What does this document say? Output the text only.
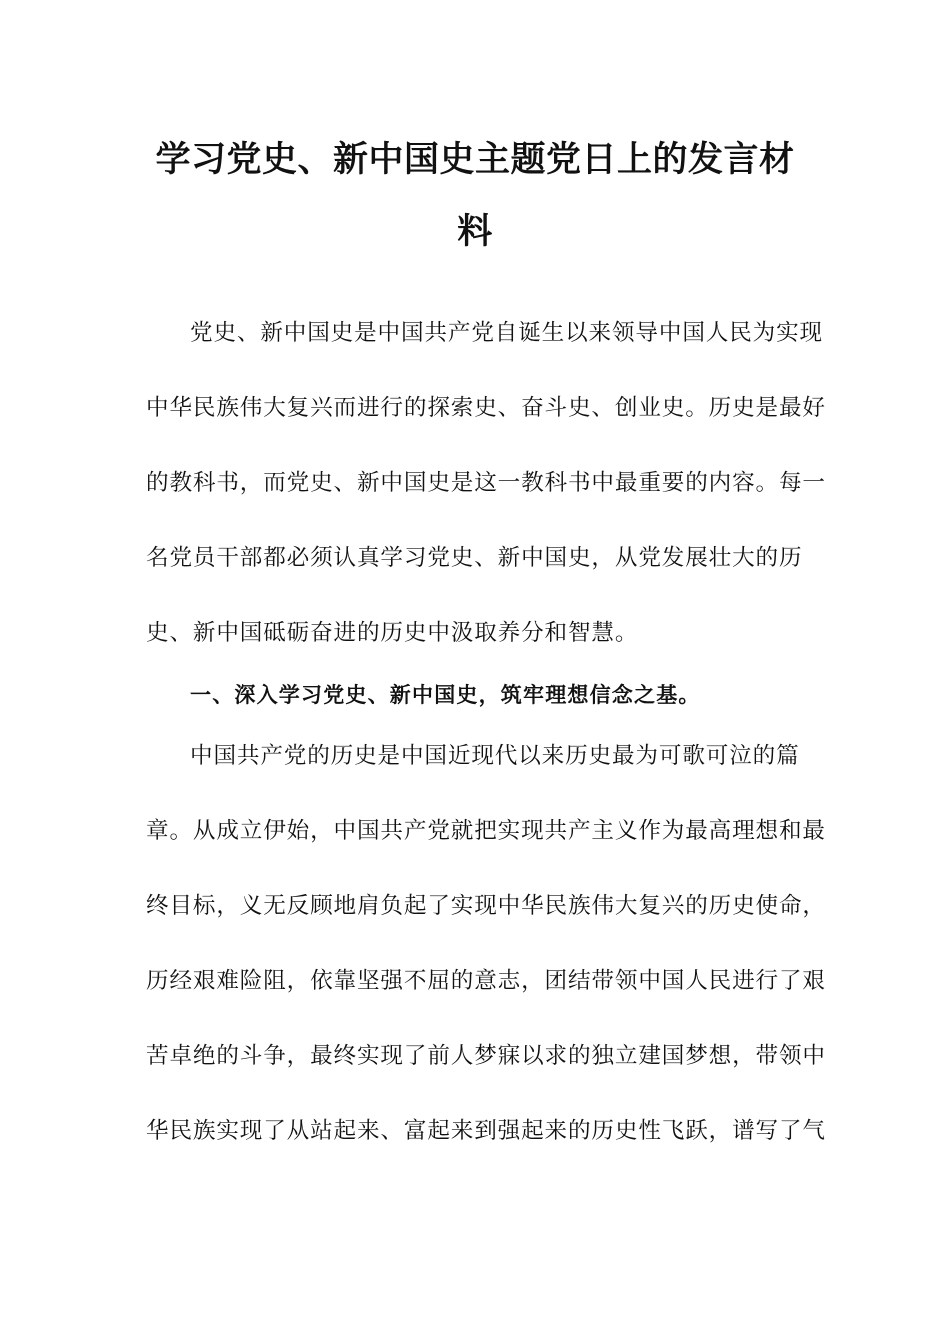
学习党史、新中国史主题党日上的发言材
料
党史、新中国史是中国共产党自诞生以来领导中国人民为实现
中华民族伟大复兴而进行的探索史、奋斗史、创业史。历史是最好
的教科书，而党史、新中国史是这一教科书中最重要的内容。每一
名党员干部都必须认真学习党史、新中国史，从党发展壮大的历
史、新中国砥砺奋进的历史中汲取养分和智慧。
一、深入学习党史、新中国史，筑牢理想信念之基。
中国共产党的历史是中国近现代以来历史最为可歌可泣的篇
章。从成立伊始，中国共产党就把实现共产主义作为最高理想和最
终目标，义无反顾地肩负起了实现中华民族伟大复兴的历史使命，
历经艰难险阻，依靠坚强不屈的意志，团结带领中国人民进行了艰
苦卓绝的斗争，最终实现了前人梦寐以求的独立建国梦想，带领中
华民族实现了从站起来、富起来到强起来的历史性飞跃，谱写了气
